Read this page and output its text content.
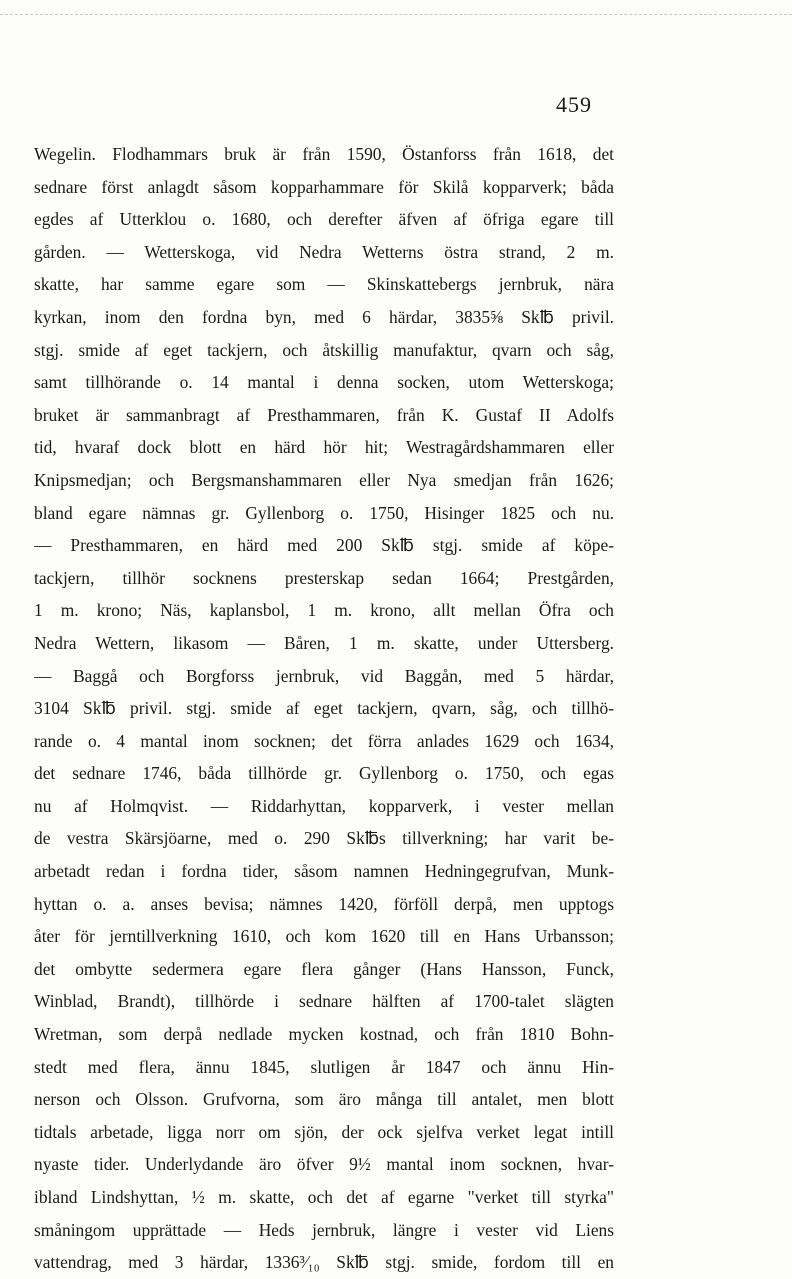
459
Wegelin. Flodhammars bruk är från 1590, Östanforss från 1618, det
sednare först anlagdt såsom kopparhammare för Skilå kopparverk; båda
egdes af Utterklou o. 1680, och derefter äfven af öfriga egare till
gården. — Wetterskoga, vid Nedra Wetterns östra strand, 2 m.
skatte, har samme egare som — Skinskattebergs jernbruk, nära
kyrkan, inom den fordna byn, med 6 härdar, 3835⅝ Sk℔ privil.
stgj. smide af eget tackjern, och åtskillig manufaktur, qvarn och såg,
samt tillhörande o. 14 mantal i denna socken, utom Wetterskoga;
bruket är sammanbragt af Presthammaren, från K. Gustaf II Adolfs
tid, hvaraf dock blott en härd hör hit; Westragårdshammaren eller
Knipsmedjan; och Bergsmanshammaren eller Nya smedjan från 1626;
bland egare nämnas gr. Gyllenborg o. 1750, Hisinger 1825 och nu.
— Presthammaren, en härd med 200 Sk℔ stgj. smide af köpe-
tackjern, tillhör socknens presterskap sedan 1664; Prestgården,
1 m. krono; Näs, kaplansbol, 1 m. krono, allt mellan Öfra och
Nedra Wettern, likasom — Båren, 1 m. skatte, under Uttersberg.
— Baggå och Borgforss jernbruk, vid Baggån, med 5 härdar,
3104 Sk℔ privil. stgj. smide af eget tackjern, qvarn, såg, och tillhö-
rande o. 4 mantal inom socknen; det förra anlades 1629 och 1634,
det sednare 1746, båda tillhörde gr. Gyllenborg o. 1750, och egas
nu af Holmqvist. — Riddarhyttan, kopparverk, i vester mellan
de vestra Skärsjöarne, med o. 290 Sk℔s tillverkning; har varit be-
arbetadt redan i fordna tider, såsom namnen Hedningegrufvan, Munk-
hyttan o. a. anses bevisa; nämnes 1420, förföll derpå, men upptogs
åter för jerntillverkning 1610, och kom 1620 till en Hans Urbansson;
det ombytte sedermera egare flera gånger (Hans Hansson, Funck,
Winblad, Brandt), tillhörde i sednare hälften af 1700-talet slägten
Wretman, som derpå nedlade mycken kostnad, och från 1810 Bohn-
stedt med flera, ännu 1845, slutligen år 1847 och ännu Hin-
nerson och Olsson. Grufvorna, som äro många till antalet, men blott
tidtals arbetade, ligga norr om sjön, der ock sjelfva verket legat intill
nyaste tider. Underlydande äro öfver 9½ mantal inom socknen, hvar-
ibland Lindshyttan, ½ m. skatte, och det af egarne "verket till styrka"
småningom upprättade — Heds jernbruk, längre i vester vid Liens
vattendrag, med 3 härdar, 1336³⁄₁₀ Sk℔ stgj. smide, fordom till en
